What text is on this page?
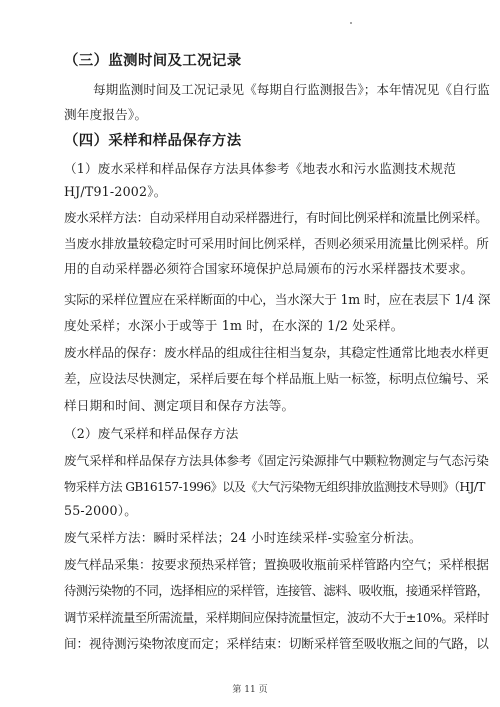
（三）监测时间及工况记录
每期监测时间及工况记录见《每期自行监测报告》；本年情况见《自行监
测年度报告》。
（四）采样和样品保存方法
（1）废水采样和样品保存方法具体参考《地表水和污水监测技术规范
HJ/T91-2002》。
废水采样方法：自动采样用自动采样器进行，有时间比例采样和流量比例采样。
当废水排放量较稳定时可采用时间比例采样，否则必须采用流量比例采样。所
用的自动采样器必须符合国家环境保护总局颁布的污水采样器技术要求。
实际的采样位置应在采样断面的中心，当水深大于 1m 时，应在表层下 1/4 深
度处采样；水深小于或等于 1m 时，在水深的 1/2 处采样。
废水样品的保存：废水样品的组成往往相当复杂，其稳定性通常比地表水样更
差，应设法尽快测定，采样后要在每个样品瓶上贴一标签，标明点位编号、采
样日期和时间、测定项目和保存方法等。
（2）废气采样和样品保存方法
废气采样和样品保存方法具体参考《固定污染源排气中颗粒物测定与气态污染
物采样方法 GB16157-1996》以及《大气污染物无组织排放监测技术导则》（HJ/T
55-2000）。
废气采样方法：瞬时采样法；24 小时连续采样-实验室分析法。
废气样品采集：按要求预热采样管；置换吸收瓶前采样管路内空气；采样根据
待测污染物的不同，选择相应的采样管，连接管、滤料、吸收瓶，接通采样管路，
调节采样流量至所需流量，采样期间应保持流量恒定，波动不大于±10%。采样时
间：视待测污染物浓度而定；采样结束：切断采样管至吸收瓶之间的气路，以
第 11 页
